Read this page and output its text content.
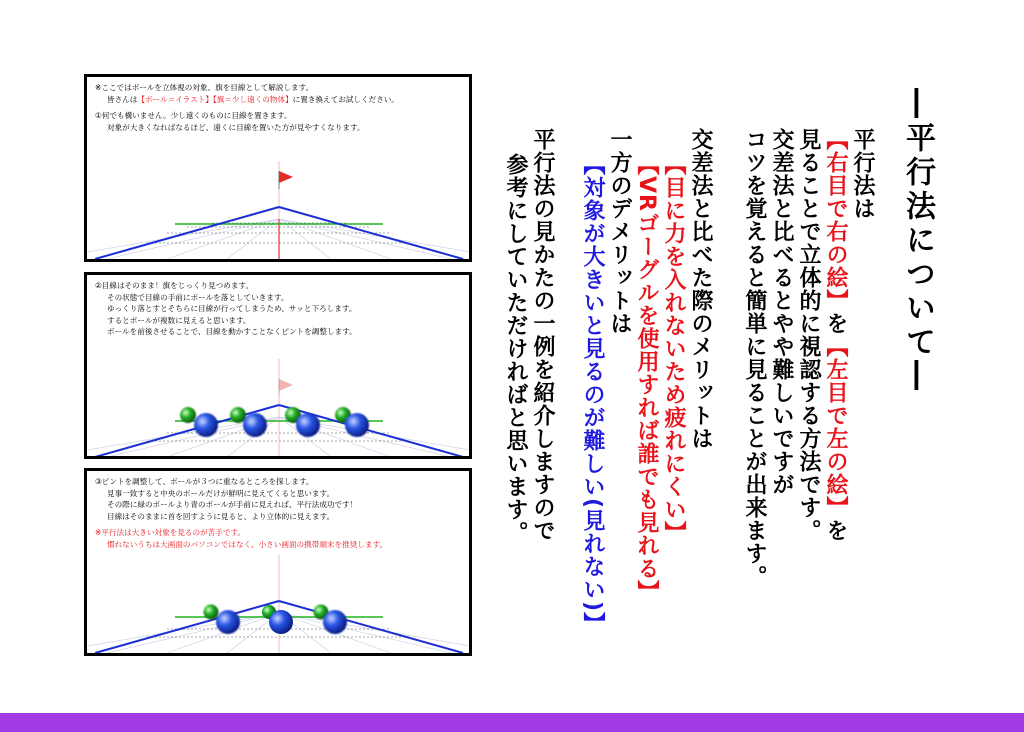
※ここではボールを立体視の対象、旗を目線として解説します。
皆さんは【ボール＝イラスト】【旗＝少し遠くの物体】に置き換えてお試しください。
①何でも構いません。少し遠くのものに目線を置きます。
対象が大きくなればなるほど、遠くに目線を置いた方が見やすくなります。
②目線はそのまま！旗をじっくり見つめます。
その状態で目線の手前にボールを落としていきます。
ゆっくり落とすとそちらに目線が行ってしまうため、サッと下ろします。
するとボールが複数に見えると思います。
ボールを前後させることで、目線を動かすことなくピントを調整します。
③ピントを調整して、ボールが３つに重なるところを探します。
見事一致すると中央のボールだけが鮮明に見えてくると思います。
その際に緑のボールより青のボールが手前に見えれば、平行法成功です！
目線はそのままに首を回すように見ると、より立体的に見えます。
※平行法は大きい対象を見るのが苦手です。
慣れないうちは大画面のパソコンではなく、小さい画面の携帯端末を推奨します。
―平行法について―
平行法は
【右目で右の絵】を【左目で左の絵】を
見ることで立体的に視認する方法です。
交差法と比べるとやや難しいですが
コツを覚えると簡単に見ることが出来ます。
交差法と比べた際のメリットは
【目に力を入れないため疲れにくい】
【VRゴーグルを使用すれば誰でも見れる】
一方のデメリットは
【対象が大きいと見るのが難しい(見れない)】
平行法の見かたの一例を紹介しますので
参考にしていただければと思います。
